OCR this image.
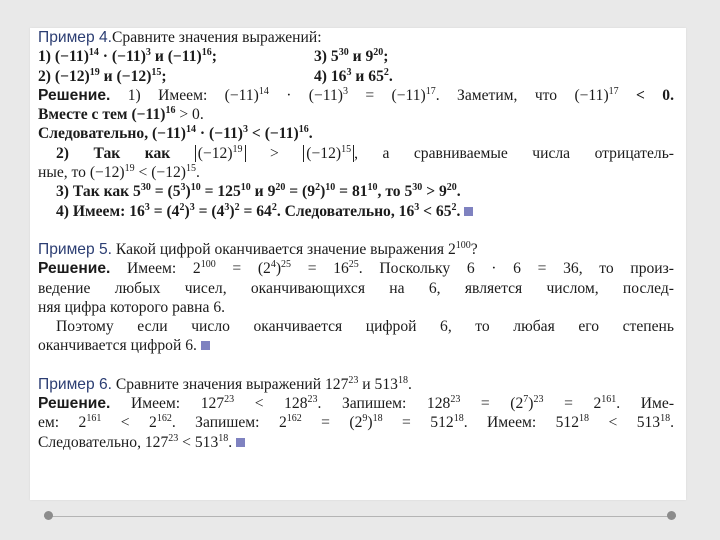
Пример 4.Сравните значения выражений:
1) $(-11)^{14} \cdot (-11)^3$ и $(-11)^{16}$;	3) $5^{30}$ и $9^{20}$;
2) $(-12)^{19}$ и $(-12)^{15}$;	4) $16^3$ и $65^2$.
Решение. 1) Имеем: $(-11)^{14} \cdot (-11)^3 = (-11)^{17}$. Заметим, что $(-11)^{17} < 0$.
Вместе с тем $(-11)^{16} > 0$.
Следовательно, $(-11)^{14} \cdot (-11)^3 < (-11)^{16}$.
2) Так как $(-12)^{19} > (-12)^{15}$ , а сравниваемые числа отрицатель-
ные, то $(-12)^{19} < (-12)^{15}$.
3) Так как $5^{30} = (5^3)^{10} = 125^{10}$ и $9^{20} = (9^2)^{10} = 81^{10}$, то $5^{30} > 9^{20}$.
4) Имеем: $16^3 = (4^2)^3 = (4^3)^2 = 64^2$. Следовательно, $16^3 < 65^2$.
Пример 5. Какой цифрой оканчивается значение выражения $2^{100}$?
Решение. Имеем: $2^{100} = (2^4)^{25} = 16^{25}$. Поскольку 6 · 6 = 36, то произ-
ведение любых чисел, оканчивающихся на 6, является числом, послед-
няя цифра которого равна 6.
Поэтому если число оканчивается цифрой 6, то любая его степень
оканчивается цифрой 6.
Пример 6. Сравните значения выражений $127^{23}$ и $513^{18}$.
Решение. Имеем: $127^{23} < 128^{23}$. Запишем: $128^{23} = (2^7)^{23} = 2^{161}$. Име-
ем: $2^{161} < 2^{162}$. Запишем: $2^{162} = (2^9)^{18} = 512^{18}$. Имеем: $512^{18} < 513^{18}$.
Следовательно, $127^{23} < 513^{18}$.
